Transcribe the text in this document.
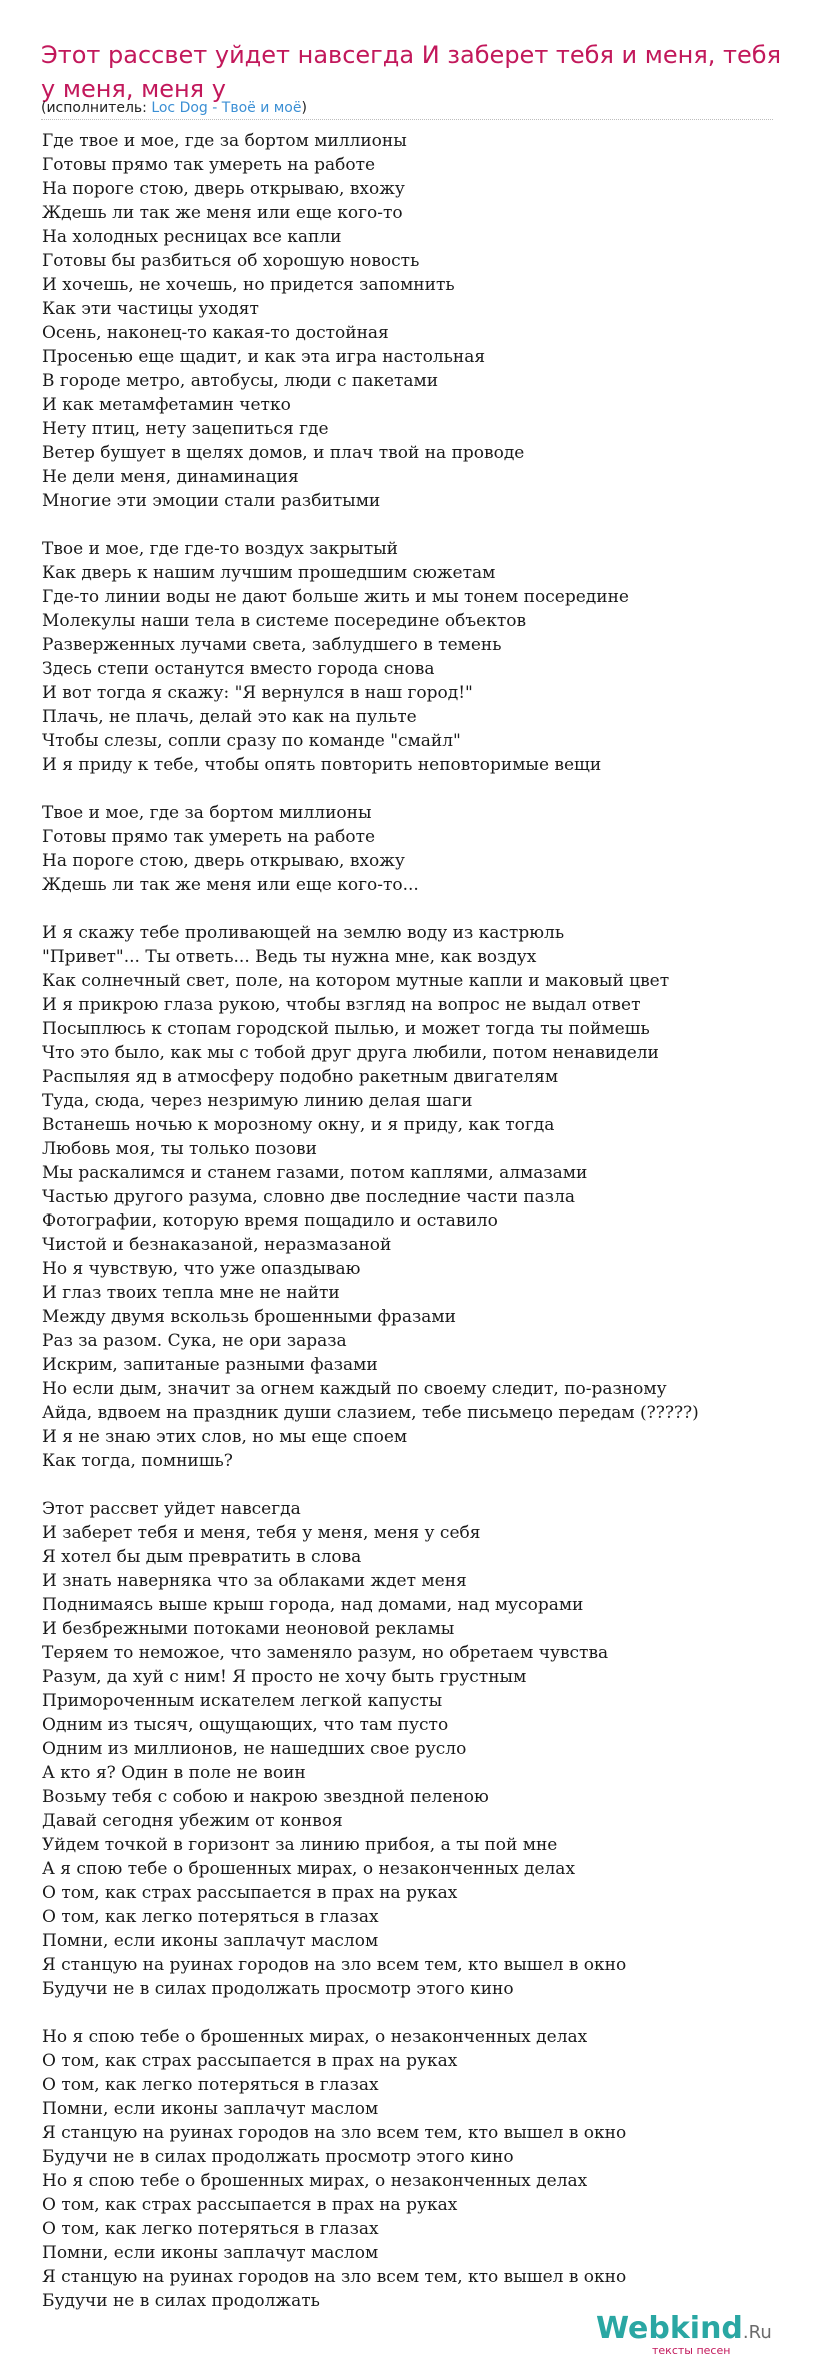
Этот рассвет уйдет навсегда И заберет тебя и меня, тебя у меня, меня у
(исполнитель: Loc Dog - Твоё и моё)
Где твое и мое, где за бортом миллионы
Готовы прямо так умереть на работе
На пороге стою, дверь открываю, вхожу
Ждешь ли так же меня или еще кого-то
На холодных ресницах все капли
Готовы бы разбиться об хорошую новость
И хочешь, не хочешь, но придется запомнить
Как эти частицы уходят
Осень, наконец-то какая-то достойная
Просенью еще щадит, и как эта игра настольная
В городе метро, автобусы, люди с пакетами
И как метамфетамин четко
Нету птиц, нету зацепиться где
Ветер бушует в щелях домов, и плач твой на проводе
Не дели меня, динаминация
Многие эти эмоции стали разбитыми
Твое и мое, где где-то воздух закрытый
Как дверь к нашим лучшим прошедшим сюжетам
Где-то линии воды не дают больше жить и мы тонем посередине
Молекулы наши тела в системе посередине объектов
Разверженных лучами света, заблудшего в темень
Здесь степи останутся вместо города снова
И вот тогда я скажу: "Я вернулся в наш город!"
Плачь, не плачь, делай это как на пульте
Чтобы слезы, сопли сразу по команде "смайл"
И я приду к тебе, чтобы опять повторить неповторимые вещи
Твое и мое, где за бортом миллионы
Готовы прямо так умереть на работе
На пороге стою, дверь открываю, вхожу
Ждешь ли так же меня или еще кого-то...
И я скажу тебе проливающей на землю воду из кастрюль
"Привет"... Ты ответь... Ведь ты нужна мне, как воздух
Как солнечный свет, поле, на котором мутные капли и маковый цвет
И я прикрою глаза рукою, чтобы взгляд на вопрос не выдал ответ
Посыплюсь к стопам городской пылью, и может тогда ты поймешь
Что это было, как мы с тобой друг друга любили, потом ненавидели
Распыляя яд в атмосферу подобно ракетным двигателям
Туда, сюда, через незримую линию делая шаги
Встанешь ночью к морозному окну, и я приду, как тогда
Любовь моя, ты только позови
Мы раскалимся и станем газами, потом каплями, алмазами
Частью другого разума, словно две последние части пазла
Фотографии, которую время пощадило и оставило
Чистой и безнаказаной, неразмазаной
Но я чувствую, что уже опаздываю
И глаз твоих тепла мне не найти
Между двумя вскользь брошенными фразами
Раз за разом. Сука, не ори зараза
Искрим, запитаные разными фазами
Но если дым, значит за огнем каждый по своему следит, по-разному
Айда, вдвоем на праздник души слазием, тебе письмецо передам (?????)
И я не знаю этих слов, но мы еще споем
Как тогда, помнишь?
Этот рассвет уйдет навсегда
И заберет тебя и меня, тебя у меня, меня у себя
Я хотел бы дым превратить в слова
И знать наверняка что за облаками ждет меня
Поднимаясь выше крыш города, над домами, над мусорами
И безбрежными потоками неоновой рекламы
Теряем то неможое, что заменяло разум, но обретаем чувства
Разум, да хуй с ним! Я просто не хочу быть грустным
Примороченным искателем легкой капусты
Одним из тысяч, ощущающих, что там пусто
Одним из миллионов, не нашедших свое русло
А кто я? Один в поле не воин
Возьму тебя с собою и накрою звездной пеленою
Давай сегодня убежим от конвоя
Уйдем точкой в горизонт за линию прибоя, а ты пой мне
А я спою тебе о брошенных мирах, о незаконченных делах
О том, как страх рассыпается в прах на руках
О том, как легко потеряться в глазах
Помни, если иконы заплачут маслом
Я станцую на руинах городов на зло всем тем, кто вышел в окно
Будучи не в силах продолжать просмотр этого кино
Но я спою тебе о брошенных мирах, о незаконченных делах
О том, как страх рассыпается в прах на руках
О том, как легко потеряться в глазах
Помни, если иконы заплачут маслом
Я станцую на руинах городов на зло всем тем, кто вышел в окно
Будучи не в силах продолжать просмотр этого кино
Но я спою тебе о брошенных мирах, о незаконченных делах
О том, как страх рассыпается в прах на руках
О том, как легко потеряться в глазах
Помни, если иконы заплачут маслом
Я станцую на руинах городов на зло всем тем, кто вышел в окно
Будучи не в силах продолжать
Webkind.Ru
тексты песен
